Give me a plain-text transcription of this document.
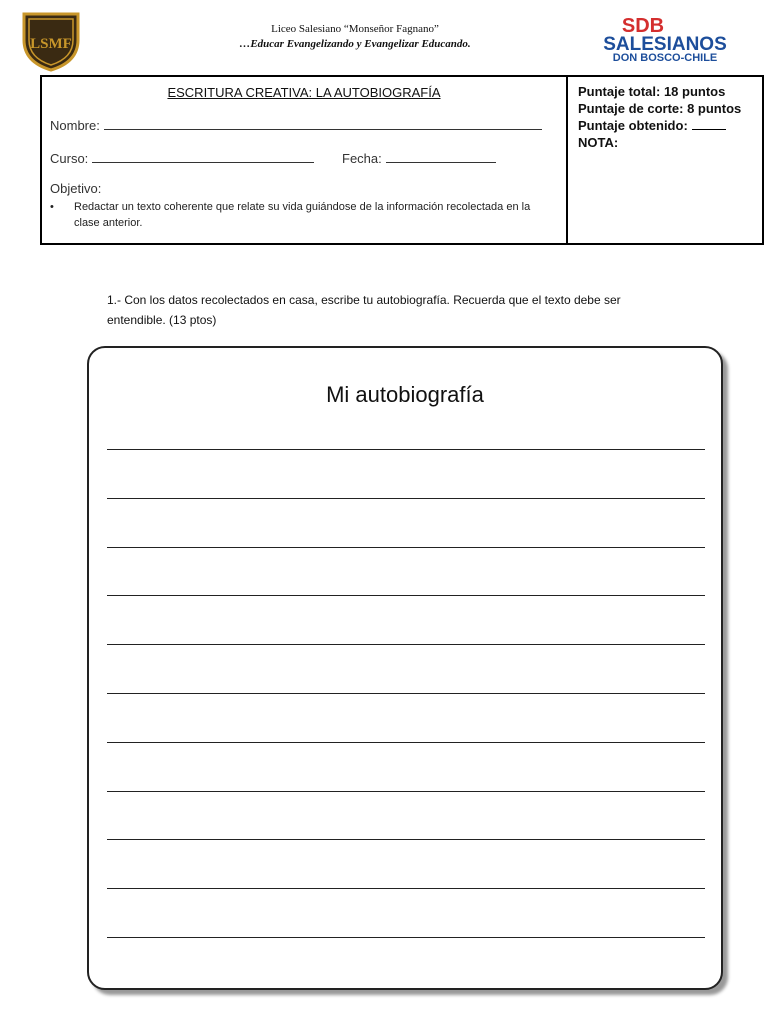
LSMF
Liceo Salesiano “Monseñor Fagnano”
…Educar Evangelizando y Evangelizar Educando.
SDB
SALESIANOS
DON BOSCO-CHILE
ESCRITURA CREATIVA: LA AUTOBIOGRAFÍA
Nombre:
Curso:	Fecha:
Objetivo:
• Redactar un texto coherente que relate su vida guiándose de la información recolectada en la clase anterior.
Puntaje total: 18 puntos
Puntaje de corte: 8 puntos
Puntaje obtenido:
NOTA:
1.- Con los datos recolectados en casa, escribe tu autobiografía. Recuerda que el texto debe ser entendible. (13 ptos)
Mi autobiografía
